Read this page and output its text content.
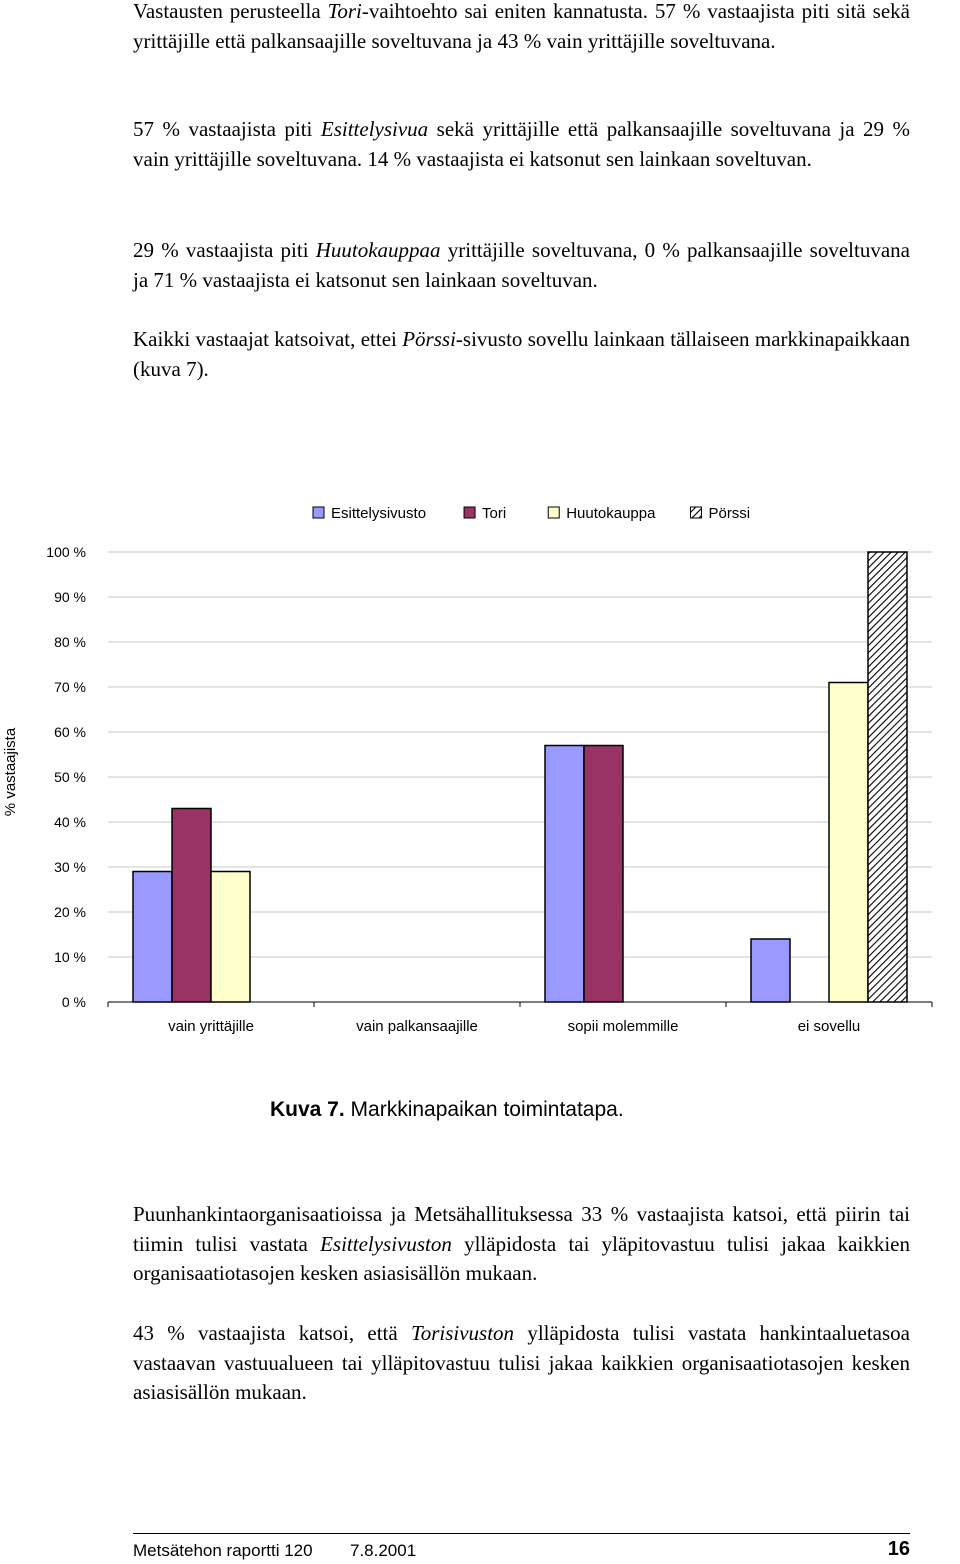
Vastausten perusteella Tori-vaihtoehto sai eniten kannatusta. 57 % vastaajista piti sitä sekä yrittäjille että palkansaajille soveltuvana ja 43 % vain yrittäjille soveltuvana.

57 % vastaajista piti Esittelysivua sekä yrittäjille että palkansaajille soveltuvana ja 29 % vain yrittäjille soveltuvana. 14 % vastaajista ei katsonut sen lainkaan soveltuvan.

29 % vastaajista piti Huutokauppaa yrittäjille soveltuvana, 0 % palkansaajille soveltuvana ja 71 % vastaajista ei katsonut sen lainkaan soveltuvan.

Kaikki vastaajat katsoivat, ettei Pörssi-sivusto sovellu lainkaan tällaiseen markkinapaikkaan (kuva 7).

Esittelysivusto	Tori	Huutokauppa	Pörssi
0 %
10 %
20 %
30 %
40 %
50 %
60 %
70 %
80 %
90 %
100 %
vain yrittäjille	vain palkansaajille	sopii molemmille	ei sovellu
% vastaajista
Kuva 7. Markkinapaikan toimintatapa.

Puunhankintaorganisaatioissa ja Metsähallituksessa 33 % vastaajista katsoi, että piirin tai tiimin tulisi vastata Esittelysivuston ylläpidosta tai yläpitovastuu tulisi jakaa kaikkien organisaatiotasojen kesken asiasisällön mukaan.

43 % vastaajista katsoi, että Torisivuston ylläpidosta tulisi vastata hankintaaluetasoa vastaavan vastuualueen tai ylläpitovastuu tulisi jakaa kaikkien organisaatiotasojen kesken asiasisällön mukaan.

Metsätehon raportti 120 7.8.2001	16
